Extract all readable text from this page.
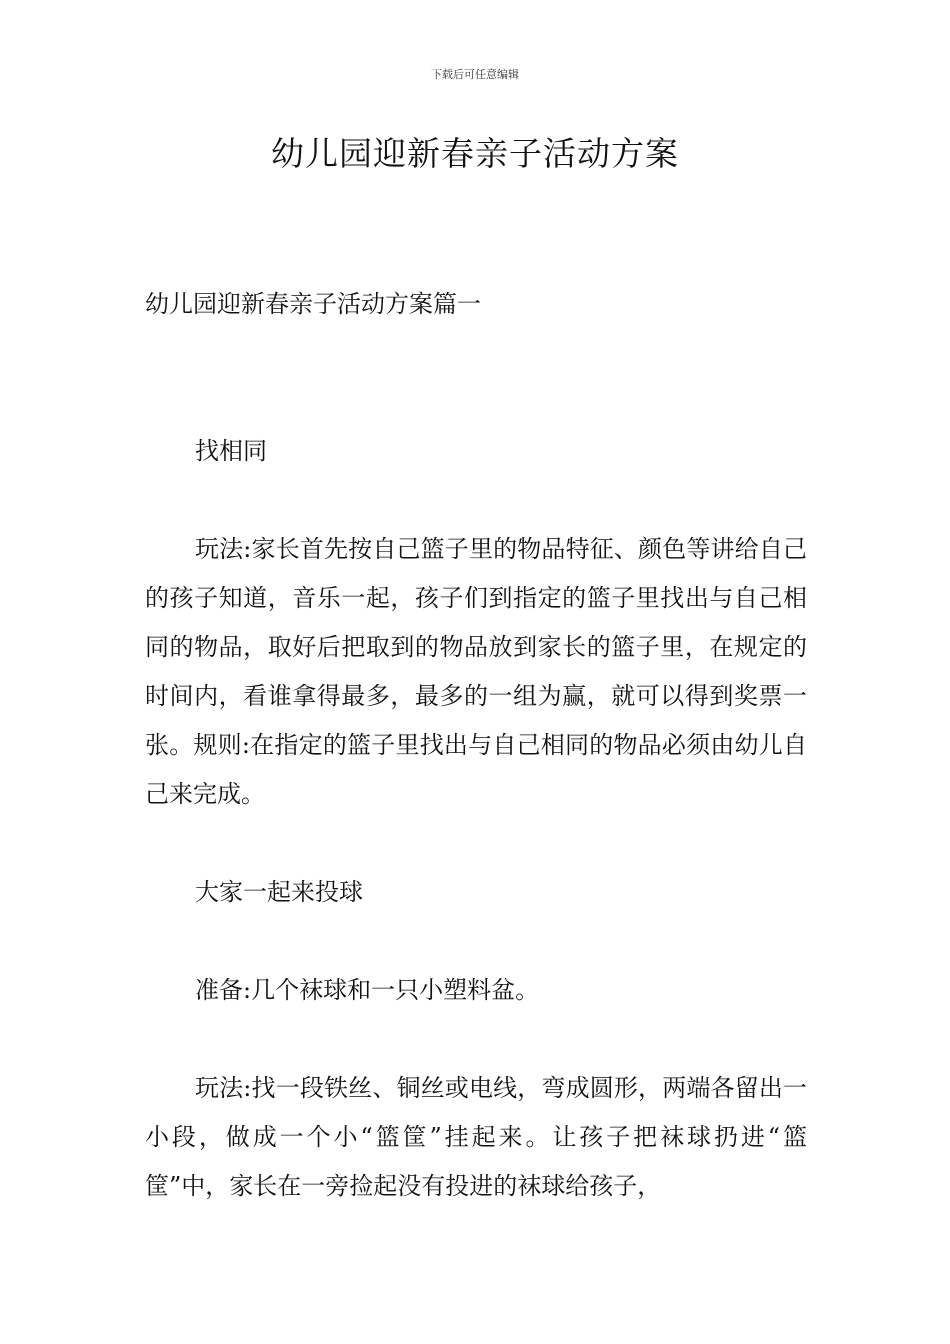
下载后可任意编辑
幼儿园迎新春亲子活动方案

幼儿园迎新春亲子活动方案篇一

找相同

玩法:家长首先按自己篮子里的物品特征、颜色等讲给自己的孩子知道，音乐一起，孩子们到指定的篮子里找出与自己相同的物品，取好后把取到的物品放到家长的篮子里，在规定的时间内，看谁拿得最多，最多的一组为赢，就可以得到奖票一张。规则:在指定的篮子里找出与自己相同的物品必须由幼儿自己来完成。

大家一起来投球

准备:几个袜球和一只小塑料盆。

玩法:找一段铁丝、铜丝或电线，弯成圆形，两端各留出一小段，做成一个小“篮筐”挂起来。让孩子把袜球扔进“篮筐”中，家长在一旁捡起没有投进的袜球给孩子，
